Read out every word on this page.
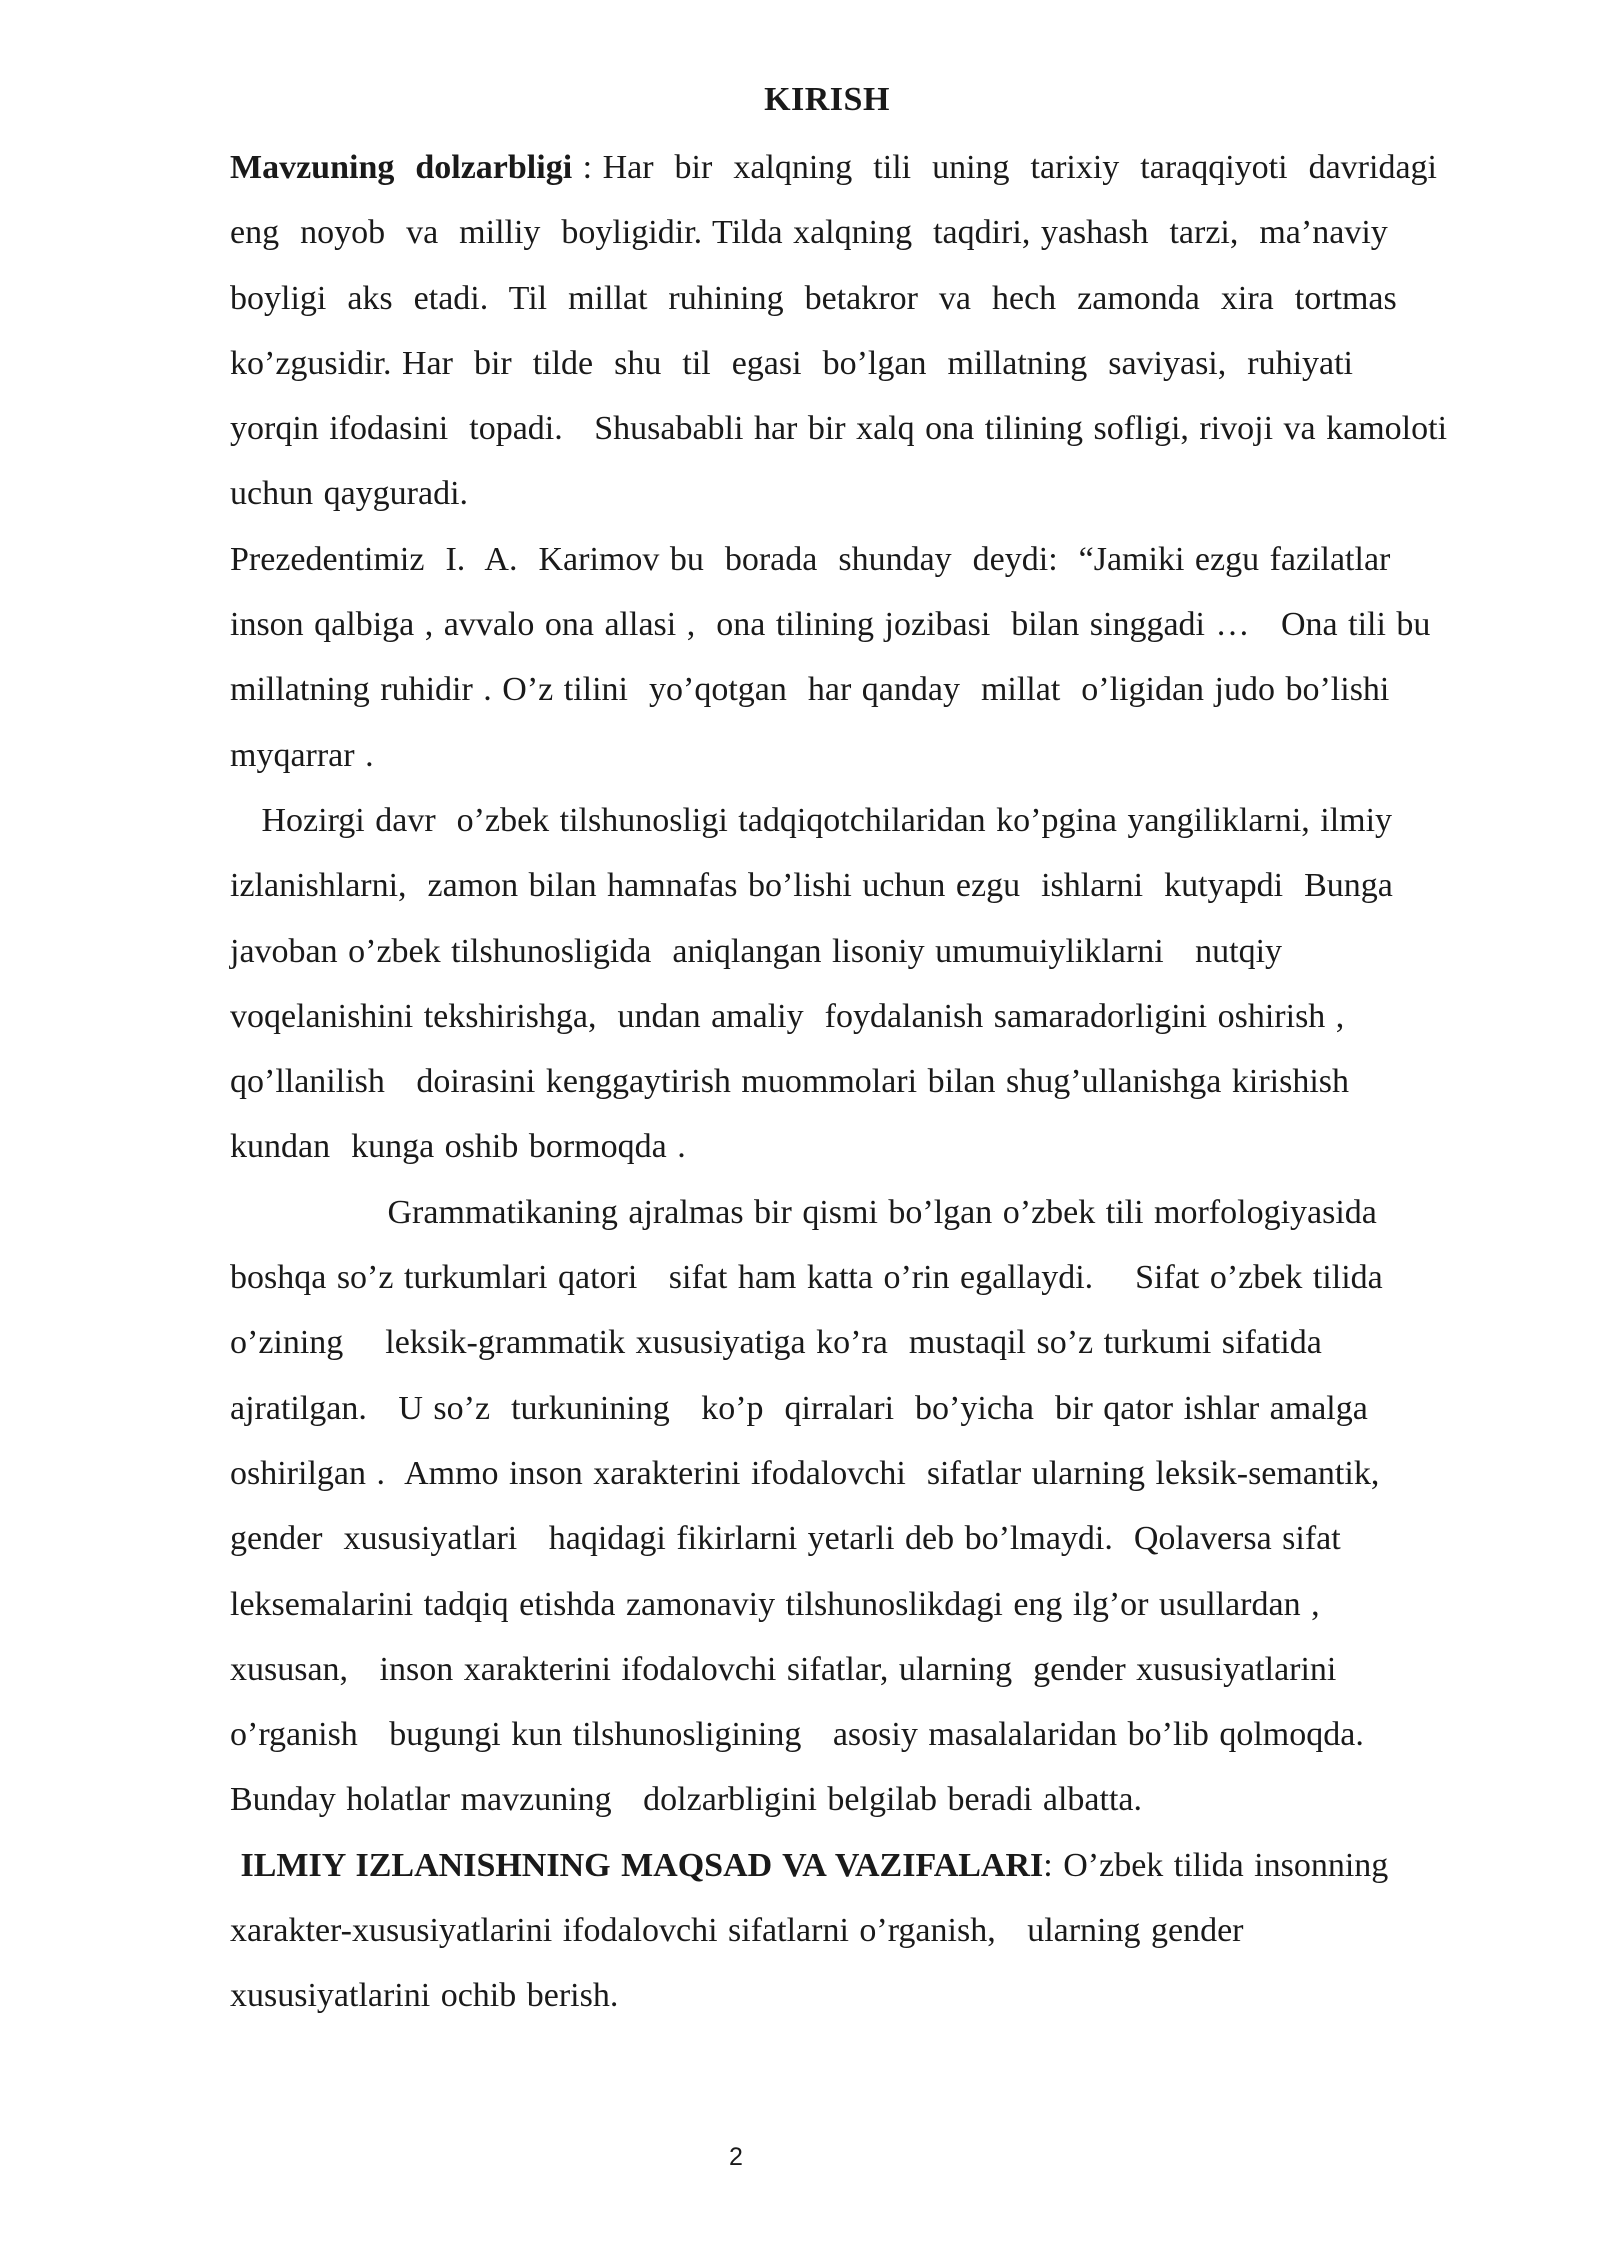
KIRISH
Mavzuning  dolzarbligi : Har  bir  xalqning  tili  uning  tarixiy  taraqqiyoti  davridagi
eng  noyob  va  milliy  boyligidir. Tilda xalqning  taqdiri, yashash  tarzi,  ma’naviy
boyligi  aks  etadi.  Til  millat  ruhining  betakror  va  hech  zamonda  xira  tortmas
ko’zgusidir. Har  bir  tilde  shu  til  egasi  bo’lgan  millatning  saviyasi,  ruhiyati
yorqin ifodasini  topadi.   Shusababli har bir xalq ona tilining sofligi, rivoji va kamoloti
uchun qayguradi.
Prezedentimiz  I.  A.  Karimov bu  borada  shunday  deydi:  “Jamiki ezgu fazilatlar
inson qalbiga , avvalo ona allasi ,  ona tilining jozibasi  bilan singgadi …   Ona tili bu
millatning ruhidir . O’z tilini  yo’qotgan  har qanday  millat  o’ligidan judo bo’lishi
myqarrar .
Hozirgi davr  o’zbek tilshunosligi tadqiqotchilaridan ko’pgina yangiliklarni, ilmiy
izlanishlarni,  zamon bilan hamnafas bo’lishi uchun ezgu  ishlarni  kutyapdi  Bunga
javoban o’zbek tilshunosligida  aniqlangan lisoniy umumuiyliklarni   nutqiy
voqelanishini tekshirishga,  undan amaliy  foydalanish samaradorligini oshirish ,
qo’llanilish   doirasini kenggaytirish muommolari bilan shug’ullanishga kirishish
kundan  kunga oshib bormoqda .
Grammatikaning ajralmas bir qismi bo’lgan o’zbek tili morfologiyasida
boshqa so’z turkumlari qatori   sifat ham katta o’rin egallaydi.    Sifat o’zbek tilida
o’zining    leksik-grammatik xususiyatiga ko’ra  mustaqil so’z turkumi sifatida
ajratilgan.   U so’z  turkunining   ko’p  qirralari  bo’yicha  bir qator ishlar amalga
oshirilgan .  Ammo inson xarakterini ifodalovchi  sifatlar ularning leksik-semantik,
gender  xususiyatlari   haqidagi fikirlarni yetarli deb bo’lmaydi.  Qolaversa sifat
leksemalarini tadqiq etishda zamonaviy tilshunoslikdagi eng ilg’or usullardan ,
xususan,   inson xarakterini ifodalovchi sifatlar, ularning  gender xususiyatlarini
o’rganish   bugungi kun tilshunosligining   asosiy masalalaridan bo’lib qolmoqda.
Bunday holatlar mavzuning   dolzarbligini belgilab beradi albatta.
ILMIY IZLANISHNING MAQSAD VA VAZIFALARI: O’zbek tilida insonning
xarakter-xususiyatlarini ifodalovchi sifatlarni o’rganish,   ularning gender
xususiyatlarini ochib berish.
2
